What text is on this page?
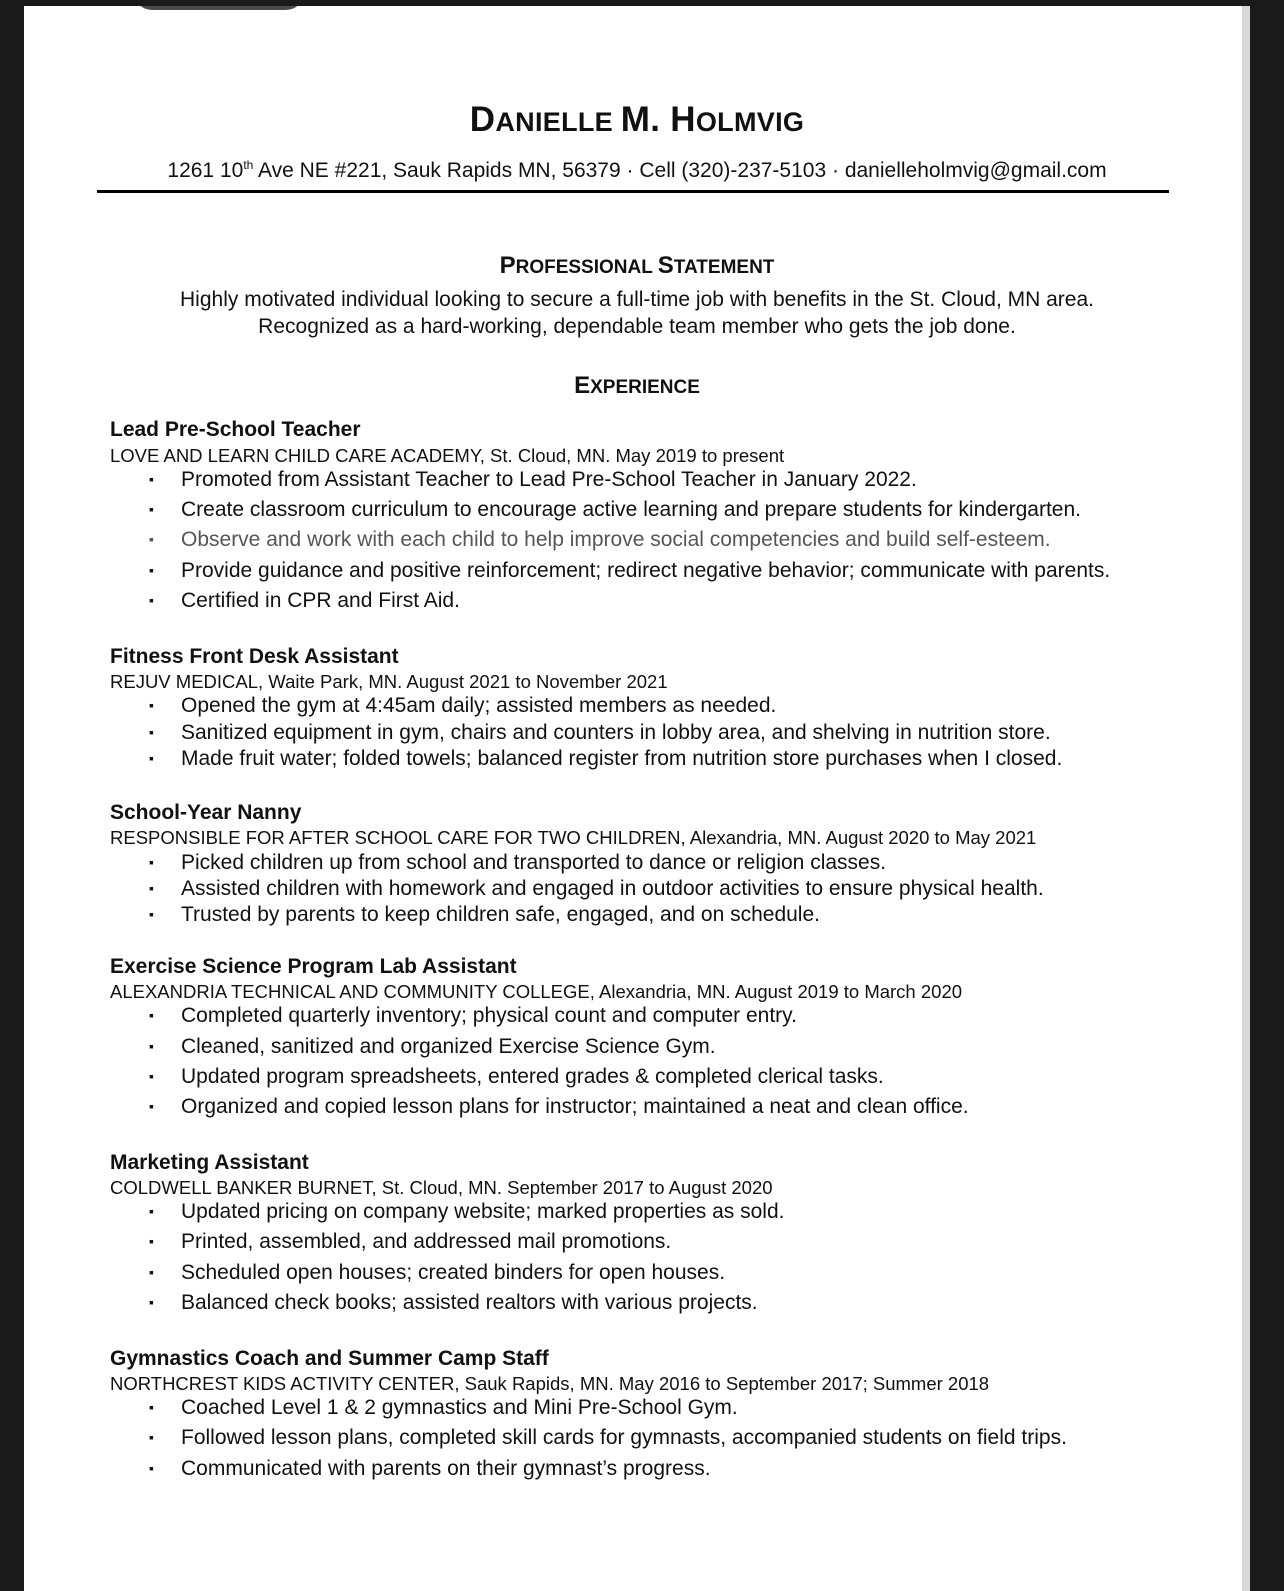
DANIELLE M. HOLMVIG
1261 10th Ave NE #221, Sauk Rapids MN, 56379 · Cell (320)-237-5103 · danielleholmvig@gmail.com
PROFESSIONAL STATEMENT
Highly motivated individual looking to secure a full-time job with benefits in the St. Cloud, MN area.
Recognized as a hard-working, dependable team member who gets the job done.
EXPERIENCE
Lead Pre-School Teacher
LOVE AND LEARN CHILD CARE ACADEMY, St. Cloud, MN. May 2019 to present
▪ Promoted from Assistant Teacher to Lead Pre-School Teacher in January 2022.
▪ Create classroom curriculum to encourage active learning and prepare students for kindergarten.
▪ Observe and work with each child to help improve social competencies and build self-esteem.
▪ Provide guidance and positive reinforcement; redirect negative behavior; communicate with parents.
▪ Certified in CPR and First Aid.
Fitness Front Desk Assistant
REJUV MEDICAL, Waite Park, MN. August 2021 to November 2021
▪ Opened the gym at 4:45am daily; assisted members as needed.
▪ Sanitized equipment in gym, chairs and counters in lobby area, and shelving in nutrition store.
▪ Made fruit water; folded towels; balanced register from nutrition store purchases when I closed.
School-Year Nanny
RESPONSIBLE FOR AFTER SCHOOL CARE FOR TWO CHILDREN, Alexandria, MN. August 2020 to May 2021
▪ Picked children up from school and transported to dance or religion classes.
▪ Assisted children with homework and engaged in outdoor activities to ensure physical health.
▪ Trusted by parents to keep children safe, engaged, and on schedule.
Exercise Science Program Lab Assistant
ALEXANDRIA TECHNICAL AND COMMUNITY COLLEGE, Alexandria, MN. August 2019 to March 2020
▪ Completed quarterly inventory; physical count and computer entry.
▪ Cleaned, sanitized and organized Exercise Science Gym.
▪ Updated program spreadsheets, entered grades & completed clerical tasks.
▪ Organized and copied lesson plans for instructor; maintained a neat and clean office.
Marketing Assistant
COLDWELL BANKER BURNET, St. Cloud, MN. September 2017 to August 2020
▪ Updated pricing on company website; marked properties as sold.
▪ Printed, assembled, and addressed mail promotions.
▪ Scheduled open houses; created binders for open houses.
▪ Balanced check books; assisted realtors with various projects.
Gymnastics Coach and Summer Camp Staff
NORTHCREST KIDS ACTIVITY CENTER, Sauk Rapids, MN. May 2016 to September 2017; Summer 2018
▪ Coached Level 1 & 2 gymnastics and Mini Pre-School Gym.
▪ Followed lesson plans, completed skill cards for gymnasts, accompanied students on field trips.
▪ Communicated with parents on their gymnast’s progress.
